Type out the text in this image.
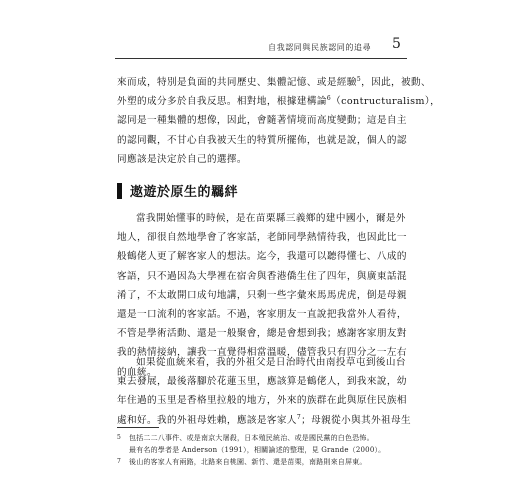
自我認同與民族認同的追尋	5
來而成，特別是負面的共同歷史、集體記憶、或是經驗$^5$，因此，被動、
外塑的成分多於自我反思。相對地，根據建構論$^6$（contructuralism），
認同是一種集體的想像，因此，會隨著情境而高度變動；這是自主
的認同觀，不甘心自我被天生的特質所擺佈，也就是說，個人的認
同應該是決定於自己的選擇。
遨遊於原生的羈絆
當我開始懂事的時候，是在苗栗縣三義鄉的建中國小，爾是外
地人，卻很自然地學會了客家話，老師同學熱情待我，也因此比一
般鶴佬人更了解客家人的想法。迄今，我還可以聽得懂七、八成的
客語，只不過因為大學裡在宿舍與香港僑生住了四年，與廣東話混
淆了，不太敢開口成句地講，只剩一些字彙來馬馬虎虎，倒是母親
還是一口流利的客家話。不過，客家朋友一直說把我當外人看待，
不管是學術活動、還是一般聚會，總是會想到我；感謝客家朋友對
我的熱情接納，讓我一直覺得相當溫暖，儘管我只有四分之一左右
的血統。
如果從血統來看，我的外祖父是日治時代由南投草屯到後山台
東去發展，最後落腳於花蓮玉里，應該算是鶴佬人，到我來說，幼
年住過的玉里是香格里拉般的地方，外來的族群在此與原住民族相
處和好。我的外祖母姓賴，應該是客家人$^7$；母親從小與其外祖母生
5	包括二二八事件、或是南京大屠殺，日本殖民統治、或是國民黨的白色恐怖。
最有名的學者是 Anderson（1991），相關論述的整理，見 Grande（2000）。
7	後山的客家人有兩路，北路來自桃園、新竹、還是苗栗，南路則來自屏東。
